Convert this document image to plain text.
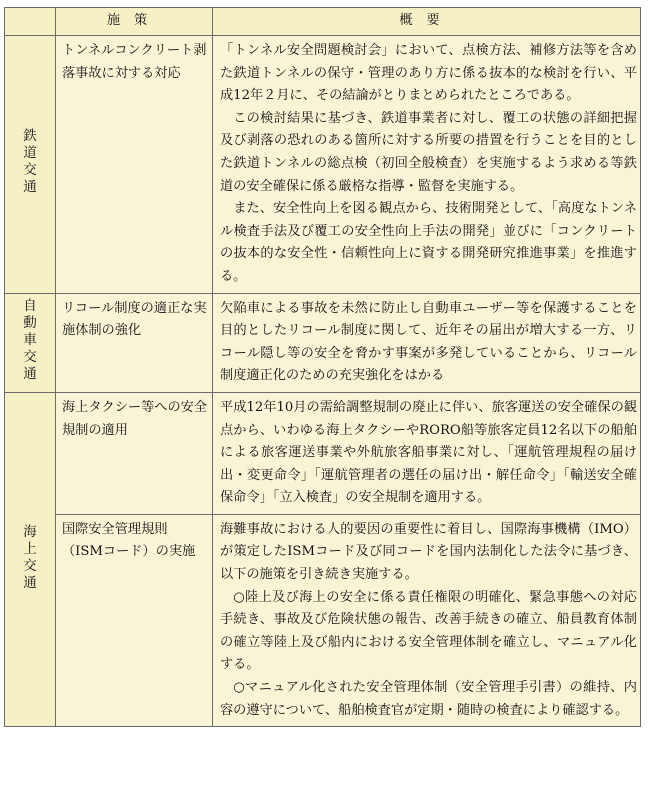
	施策	概要
鉄道交通	トンネルコンクリート剥落事故に対する対応	「トンネル安全問題検討会」において、点検方法、補修方法等を含めた鉄道トンネルの保守・管理のあり方に係る抜本的な検討を行い、平成12年２月に、その結論がとりまとめられたところである。

この検討結果に基づき、鉄道事業者に対し、覆工の状態の詳細把握及び剥落の恐れのある箇所に対する所要の措置を行うことを目的とした鉄道トンネルの総点検（初回全般検査）を実施するよう求める等鉄道の安全確保に係る厳格な指導・監督を実施する。

また、安全性向上を図る観点から、技術開発として、「高度なトンネル検査手法及び覆工の安全性向上手法の開発」並びに「コンクリートの抜本的な安全性・信頼性向上に資する開発研究推進事業」を推進する。

自動車交通	リコール制度の適正な実施体制の強化	欠陥車による事故を未然に防止し自動車ユーザー等を保護することを目的としたリコール制度に関して、近年その届出が増大する一方、リコール隠し等の安全を脅かす事案が多発していることから、リコール制度適正化のための充実強化をはかる

海上交通	海上タクシー等への安全規制の適用	平成12年10月の需給調整規制の廃止に伴い、旅客運送の安全確保の観点から、いわゆる海上タクシーやRORO船等旅客定員12名以下の船舶による旅客運送事業や外航旅客船事業に対し、「運航管理規程の届け出・変更命令」「運航管理者の選任の届け出・解任命令」「輸送安全確保命令」「立入検査」の安全規制を適用する。

	国際安全管理規則（ISMコード）の実施	海難事故における人的要因の重要性に着目し、国際海事機構（IMO）が策定したISMコード及び同コードを国内法制化した法令に基づき、以下の施策を引き続き実施する。

○陸上及び海上の安全に係る責任権限の明確化、緊急事態への対応手続き、事故及び危険状態の報告、改善手続きの確立、船員教育体制の確立等陸上及び船内における安全管理体制を確立し、マニュアル化する。

○マニュアル化された安全管理体制（安全管理手引書）の維持、内容の遵守について、船舶検査官が定期・随時の検査により確認する。
